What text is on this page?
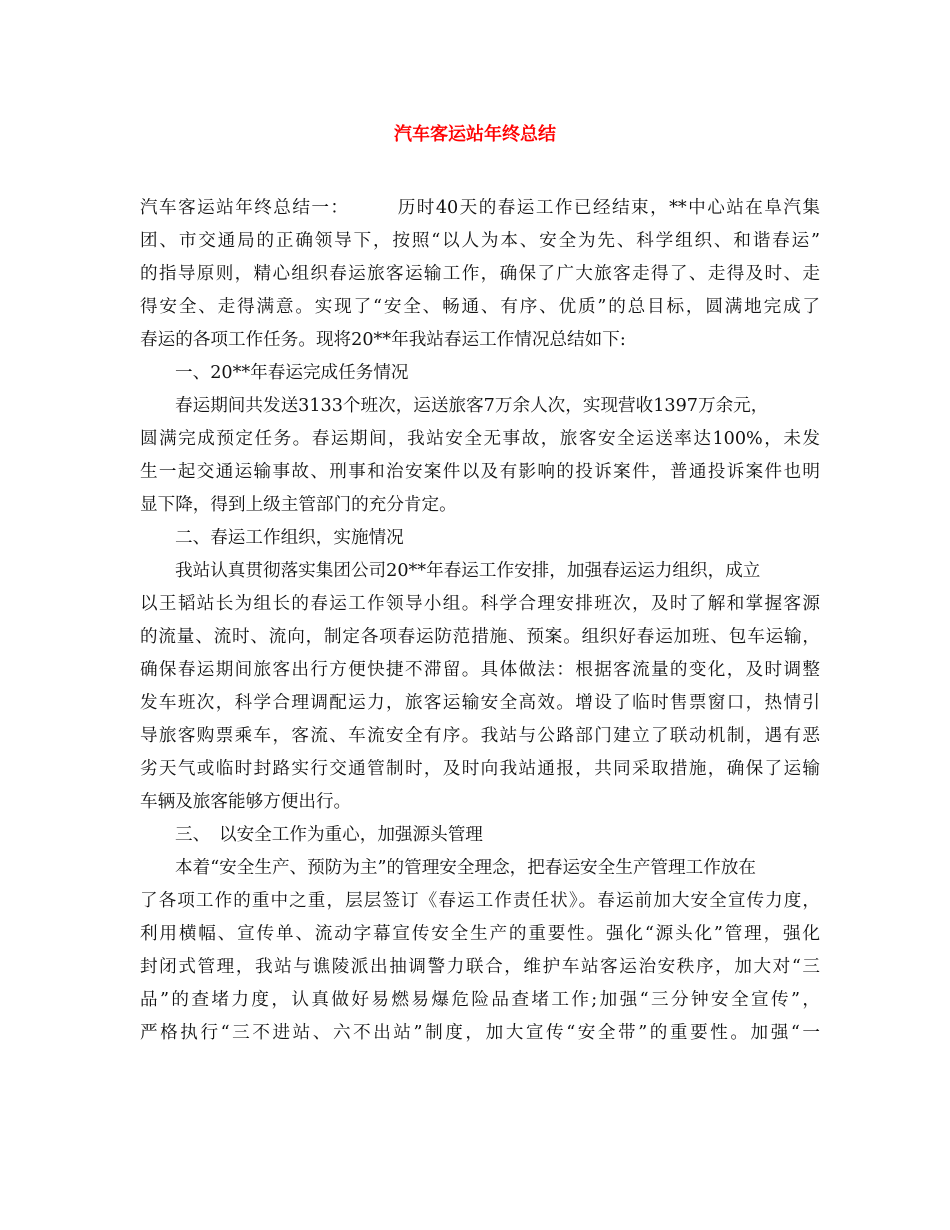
汽车客运站年终总结
汽车客运站年终总结一：　　　历时40天的春运工作已经结束，**中心站在阜汽集
团、市交通局的正确领导下，按照“以人为本、安全为先、科学组织、和谐春运”
的指导原则，精心组织春运旅客运输工作，确保了广大旅客走得了、走得及时、走
得安全、走得满意。实现了“安全、畅通、有序、优质”的总目标，圆满地完成了
春运的各项工作任务。现将20**年我站春运工作情况总结如下:
一、20**年春运完成任务情况
春运期间共发送3133个班次，运送旅客7万余人次，实现营收1397万余元，
圆满完成预定任务。春运期间，我站安全无事故，旅客安全运送率达100%，未发
生一起交通运输事故、刑事和治安案件以及有影响的投诉案件，普通投诉案件也明
显下降，得到上级主管部门的充分肯定。
二、春运工作组织，实施情况
我站认真贯彻落实集团公司20**年春运工作安排，加强春运运力组织，成立
以王韬站长为组长的春运工作领导小组。科学合理安排班次，及时了解和掌握客源
的流量、流时、流向，制定各项春运防范措施、预案。组织好春运加班、包车运输，
确保春运期间旅客出行方便快捷不滞留。具体做法：根据客流量的变化，及时调整
发车班次，科学合理调配运力，旅客运输安全高效。增设了临时售票窗口，热情引
导旅客购票乘车，客流、车流安全有序。我站与公路部门建立了联动机制，遇有恶
劣天气或临时封路实行交通管制时，及时向我站通报，共同采取措施，确保了运输
车辆及旅客能够方便出行。
三、　以安全工作为重心，加强源头管理
本着“安全生产、预防为主”的管理安全理念，把春运安全生产管理工作放在
了各项工作的重中之重，层层签订《春运工作责任状》。春运前加大安全宣传力度，
利用横幅、宣传单、流动字幕宣传安全生产的重要性。强化“源头化”管理，强化
封闭式管理，我站与谯陵派出抽调警力联合，维护车站客运治安秩序，加大对“三
品”的查堵力度，认真做好易燃易爆危险品查堵工作;加强“三分钟安全宣传”，
严格执行“三不进站、六不出站”制度，加大宣传“安全带”的重要性。加强“一
